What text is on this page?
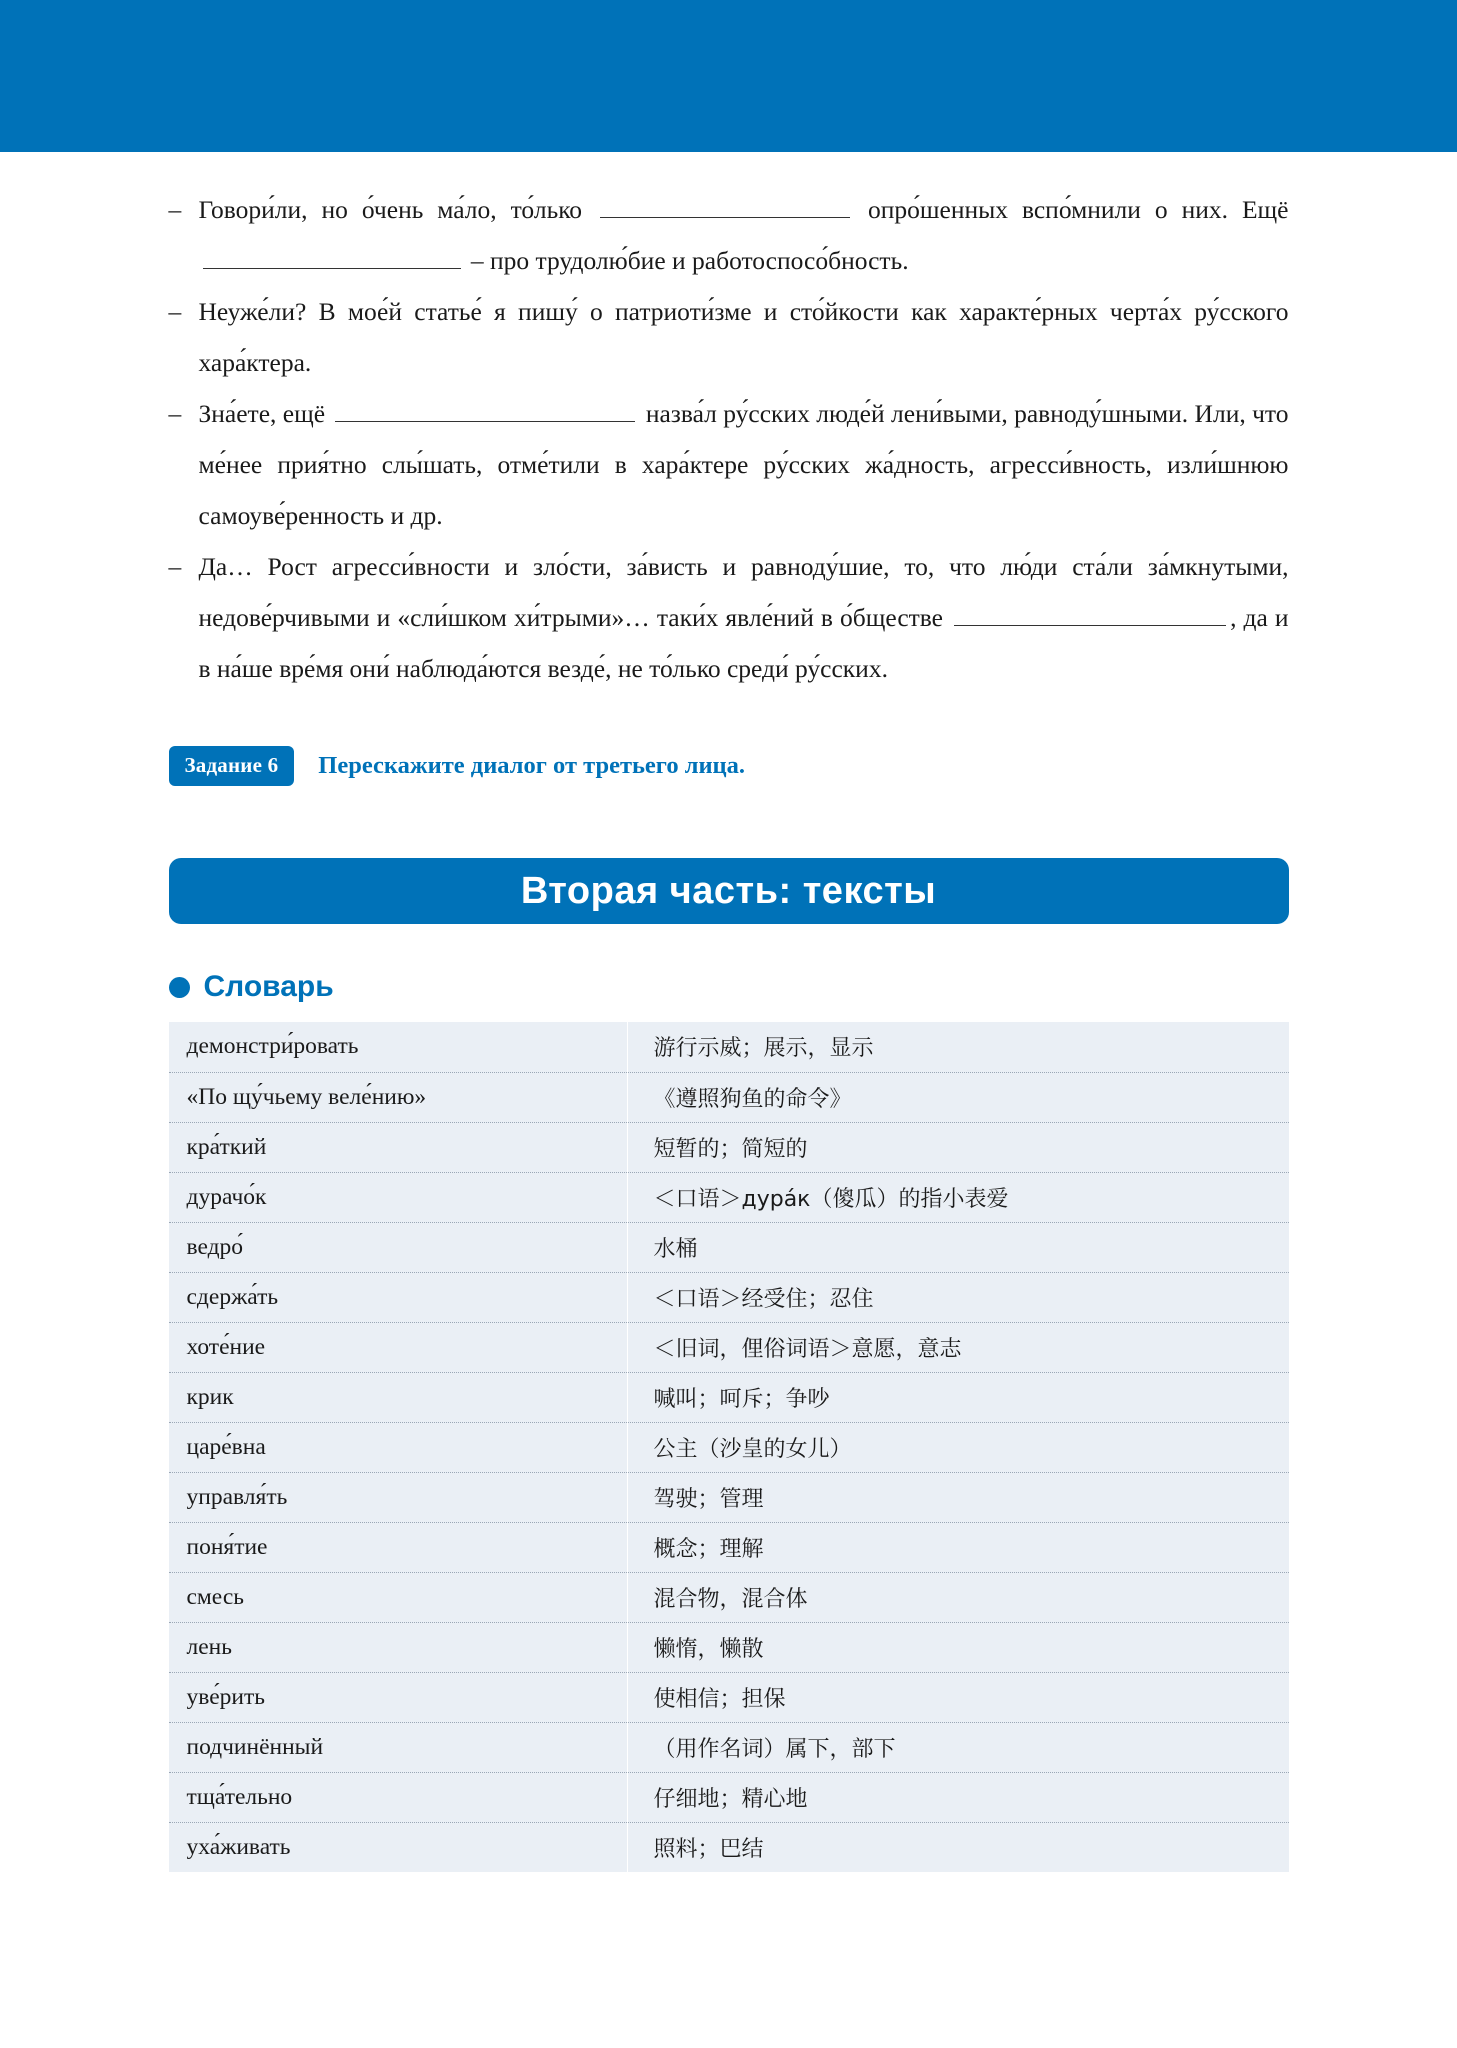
– Говори́ли, но о́чень ма́ло, то́лько	опро́шенных вспо́мнили о них. Ещё  – про трудолю́бие и работоспосо́бность.
– Неуже́ли? В мое́й статье́ я пишу́ о патриоти́зме и сто́йкости как характе́рных черта́х ру́сского хара́ктера.
– Зна́ете, ещё	назва́л ру́сских люде́й лени́выми, равноду́шными. Или, что ме́нее прия́тно слы́шать, отме́тили в хара́ктере ру́сских жа́дность, агресси́вность, изли́шнюю самоуве́ренность и др.
– Да… Рост агресси́вности и зло́сти, за́висть и равноду́шие, то, что лю́ди ста́ли за́мкнутыми, недове́рчивыми и «сли́шком хи́трыми»… таки́х явле́ний в о́бществе	, да и в на́ше вре́мя они́ наблюда́ются везде́, не то́лько среди́ ру́сских.
Задание 6	Перескажите диалог от третьего лица.
Вторая часть: тексты
Словарь
демонстри́ровать	游行示威；展示，显示
«По щу́чьему веле́нию»	《遵照狗鱼的命令》
кра́ткий	短暂的；简短的
дурачо́к	＜口语＞дура́к（傻瓜）的指小表爱
ведро́	水桶
сдержа́ть	＜口语＞经受住；忍住
хоте́ние	＜旧词，俚俗词语＞意愿，意志
крик	喊叫；呵斥；争吵
царе́вна	公主（沙皇的女儿）
управля́ть	驾驶；管理
поня́тие	概念；理解
смесь	混合物，混合体
лень	懒惰，懒散
уве́рить	使相信；担保
подчинённый	（用作名词）属下，部下
тща́тельно	仔细地；精心地
уха́живать	照料；巴结
